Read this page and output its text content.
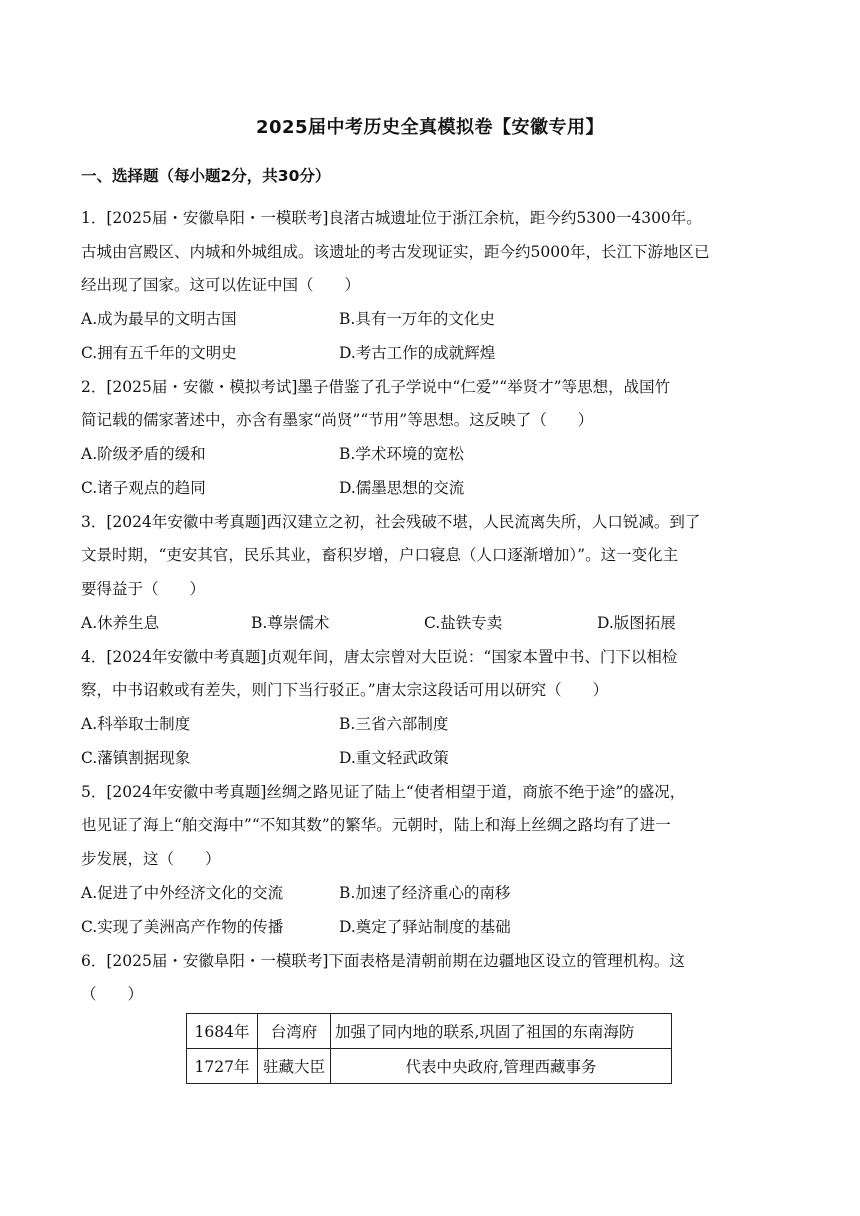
2025届中考历史全真模拟卷【安徽专用】
一、选择题（每小题2分，共30分）
1．[2025届・安徽阜阳・一模联考]良渚古城遗址位于浙江余杭，距今约5300一4300年。
古城由宫殿区、内城和外城组成。该遗址的考古发现证实，距今约5000年，长江下游地区已
经出现了国家。这可以佐证中国（　　）
A.成为最早的文明古国	B.具有一万年的文化史
C.拥有五千年的文明史	D.考古工作的成就辉煌
2．[2025届・安徽・模拟考试]墨子借鉴了孔子学说中“仁爱”“举贤才”等思想，战国竹
简记载的儒家著述中，亦含有墨家“尚贤”“节用”等思想。这反映了（　　）
A.阶级矛盾的缓和	B.学术环境的宽松
C.诸子观点的趋同	D.儒墨思想的交流
3．[2024年安徽中考真题]西汉建立之初，社会残破不堪，人民流离失所，人口锐减。到了
文景时期，“吏安其官，民乐其业，畜积岁增，户口寝息（人口逐渐增加）”。这一变化主
要得益于（　　）
A.休养生息	B.尊崇儒术	C.盐铁专卖	D.版图拓展
4．[2024年安徽中考真题]贞观年间，唐太宗曾对大臣说：“国家本置中书、门下以相检
察，中书诏敕或有差失，则门下当行驳正。”唐太宗这段话可用以研究（　　）
A.科举取士制度	B.三省六部制度
C.藩镇割据现象	D.重文轻武政策
5．[2024年安徽中考真题]丝绸之路见证了陆上“使者相望于道，商旅不绝于途”的盛况，
也见证了海上“舶交海中”“不知其数”的繁华。元朝时，陆上和海上丝绸之路均有了进一
步发展，这（　　）
A.促进了中外经济文化的交流	B.加速了经济重心的南移
C.实现了美洲高产作物的传播	D.奠定了驿站制度的基础
6．[2025届・安徽阜阳・一模联考]下面表格是清朝前期在边疆地区设立的管理机构。这
（　　）
1684年	台湾府	加强了同内地的联系,巩固了祖国的东南海防
1727年	驻藏大臣	代表中央政府,管理西藏事务
